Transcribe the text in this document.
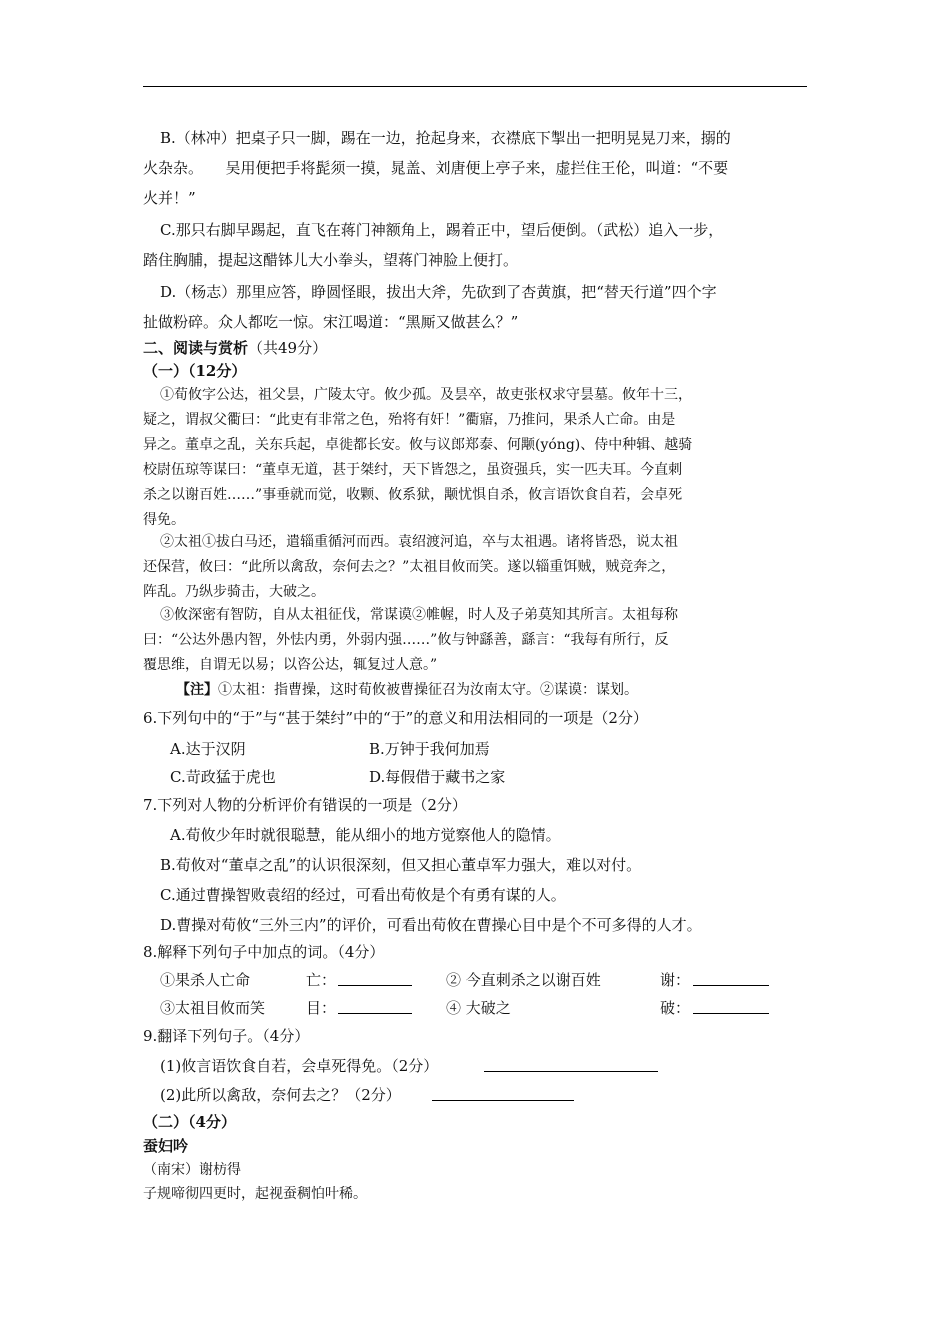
B.（林冲）把桌子只一脚，踢在一边，抢起身来，衣襟底下掣出一把明晃晃刀来，搦的
火杂杂。　　吴用便把手将髭须一摸，晁盖、刘唐便上亭子来，虚拦住王伦，叫道：“不要
火并！”
C.那只右脚早踢起，直飞在蒋门神额角上，踢着正中，望后便倒。（武松）追入一步，
踏住胸脯，提起这醋钵儿大小拳头，望蒋门神脸上便打。
D.（杨志）那里应答，睁圆怪眼，拔出大斧，先砍到了杏黄旗，把“替天行道”四个字
扯做粉碎。众人都吃一惊。宋江喝道：“黑厮又做甚么？”
二、阅读与赏析（共49分）
（一）（12分）
①荀攸字公达，祖父昙，广陵太守。攸少孤。及昙卒，故吏张权求守昙墓。攸年十三，
疑之，谓叔父衢曰：“此吏有非常之色，殆将有奸！”衢寤，乃推问，果杀人亡命。由是
异之。董卓之乱，关东兵起，卓徙都长安。攸与议郎郑泰、何颙(yóng)、侍中种辑、越骑
校尉伍琼等谋曰：“董卓无道，甚于桀纣，天下皆怨之，虽资强兵，实一匹夫耳。今直刺
杀之以谢百姓……”事垂就而觉，收颗、攸系狱，颙忧惧自杀，攸言语饮食自若，会卓死
得免。
②太祖①拔白马还，遣辎重循河而西。袁绍渡河追，卒与太祖遇。诸将皆恐，说太祖
还保营，攸曰：“此所以禽敌，奈何去之？”太祖目攸而笑。遂以辎重饵贼，贼竞奔之，
阵乱。乃纵步骑击，大破之。
③攸深密有智防，自从太祖征伐，常谋谟②帷幄，时人及子弟莫知其所言。太祖每称
曰：“公达外愚内智，外怯内勇，外弱内强……”攸与钟繇善，繇言：“我每有所行，反
覆思维，自谓无以易；以咨公达，辄复过人意。”
【注】①太祖：指曹操，这时荀攸被曹操征召为汝南太守。②谋谟：谋划。
6.下列句中的“于”与“甚于桀纣”中的“于”的意义和用法相同的一项是（2分）
A.达于汉阴	B.万钟于我何加焉
C.苛政猛于虎也	D.每假借于藏书之家
7.下列对人物的分析评价有错误的一项是（2分）
A.荀攸少年时就很聪慧，能从细小的地方觉察他人的隐情。
B.荀攸对“董卓之乱”的认识很深刻，但又担心董卓军力强大，难以对付。
C.通过曹操智败袁绍的经过，可看出荀攸是个有勇有谋的人。
D.曹操对荀攸“三外三内”的评价，可看出荀攸在曹操心目中是个不可多得的人才。
8.解释下列句子中加点的词。（4分）
①果杀人亡命	亡：	② 今直刺杀之以谢百姓	谢：
③太祖目攸而笑	目：	④ 大破之	破：
9.翻译下列句子。（4分）
(1)攸言语饮食自若，会卓死得免。（2分）
(2)此所以禽敌，奈何去之？（2分）
（二）（4分）
蚕妇吟
（南宋）谢枋得
子规啼彻四更时，起视蚕稠怕叶稀。
